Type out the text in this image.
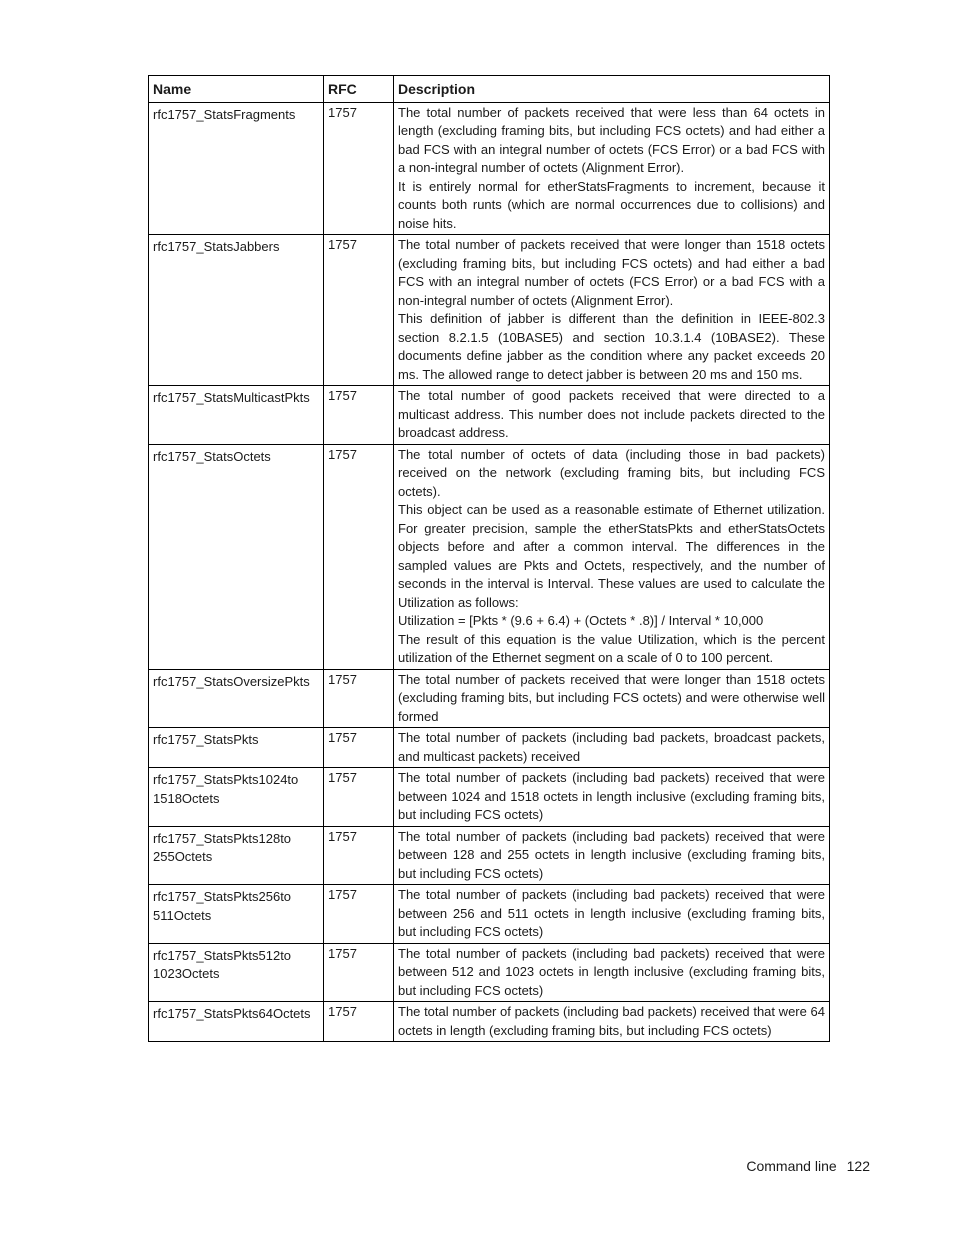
Name	RFC	Description
rfc1757_StatsFragments	1757	The total number of packets received that were less than 64 octets in length (excluding framing bits, but including FCS octets) and had either a bad FCS with an integral number of octets (FCS Error) or a bad FCS with a non-integral number of octets (Alignment Error).

It is entirely normal for etherStatsFragments to increment, because it counts both runts (which are normal occurrences due to collisions) and noise hits.

rfc1757_StatsJabbers	1757	The total number of packets received that were longer than 1518 octets (excluding framing bits, but including FCS octets) and had either a bad FCS with an integral number of octets (FCS Error) or a bad FCS with a non-integral number of octets (Alignment Error).

This definition of jabber is different than the definition in IEEE-802.3 section 8.2.1.5 (10BASE5) and section 10.3.1.4 (10BASE2). These documents define jabber as the condition where any packet exceeds 20 ms. The allowed range to detect jabber is between 20 ms and 150 ms.

rfc1757_StatsMulticastPkts	1757	The total number of good packets received that were directed to a multicast address. This number does not include packets directed to the broadcast address.

rfc1757_StatsOctets	1757	The total number of octets of data (including those in bad packets) received on the network (excluding framing bits, but including FCS octets).

This object can be used as a reasonable estimate of Ethernet utilization. For greater precision, sample the etherStatsPkts and etherStatsOctets objects before and after a common interval. The differences in the sampled values are Pkts and Octets, respectively, and the number of seconds in the interval is Interval. These values are used to calculate the Utilization as follows:

Utilization = [Pkts * (9.6 + 6.4) + (Octets * .8)] / Interval * 10,000

The result of this equation is the value Utilization, which is the percent utilization of the Ethernet segment on a scale of 0 to 100 percent.

rfc1757_StatsOversizePkts	1757	The total number of packets received that were longer than 1518 octets (excluding framing bits, but including FCS octets) and were otherwise well formed

rfc1757_StatsPkts	1757	The total number of packets (including bad packets, broadcast packets, and multicast packets) received

rfc1757_StatsPkts1024to 1518Octets	1757	The total number of packets (including bad packets) received that were between 1024 and 1518 octets in length inclusive (excluding framing bits, but including FCS octets)

rfc1757_StatsPkts128to 255Octets	1757	The total number of packets (including bad packets) received that were between 128 and 255 octets in length inclusive (excluding framing bits, but including FCS octets)

rfc1757_StatsPkts256to 511Octets	1757	The total number of packets (including bad packets) received that were between 256 and 511 octets in length inclusive (excluding framing bits, but including FCS octets)

rfc1757_StatsPkts512to 1023Octets	1757	The total number of packets (including bad packets) received that were between 512 and 1023 octets in length inclusive (excluding framing bits, but including FCS octets)

rfc1757_StatsPkts64Octets	1757	The total number of packets (including bad packets) received that were 64 octets in length (excluding framing bits, but including FCS octets)

Command line 122
